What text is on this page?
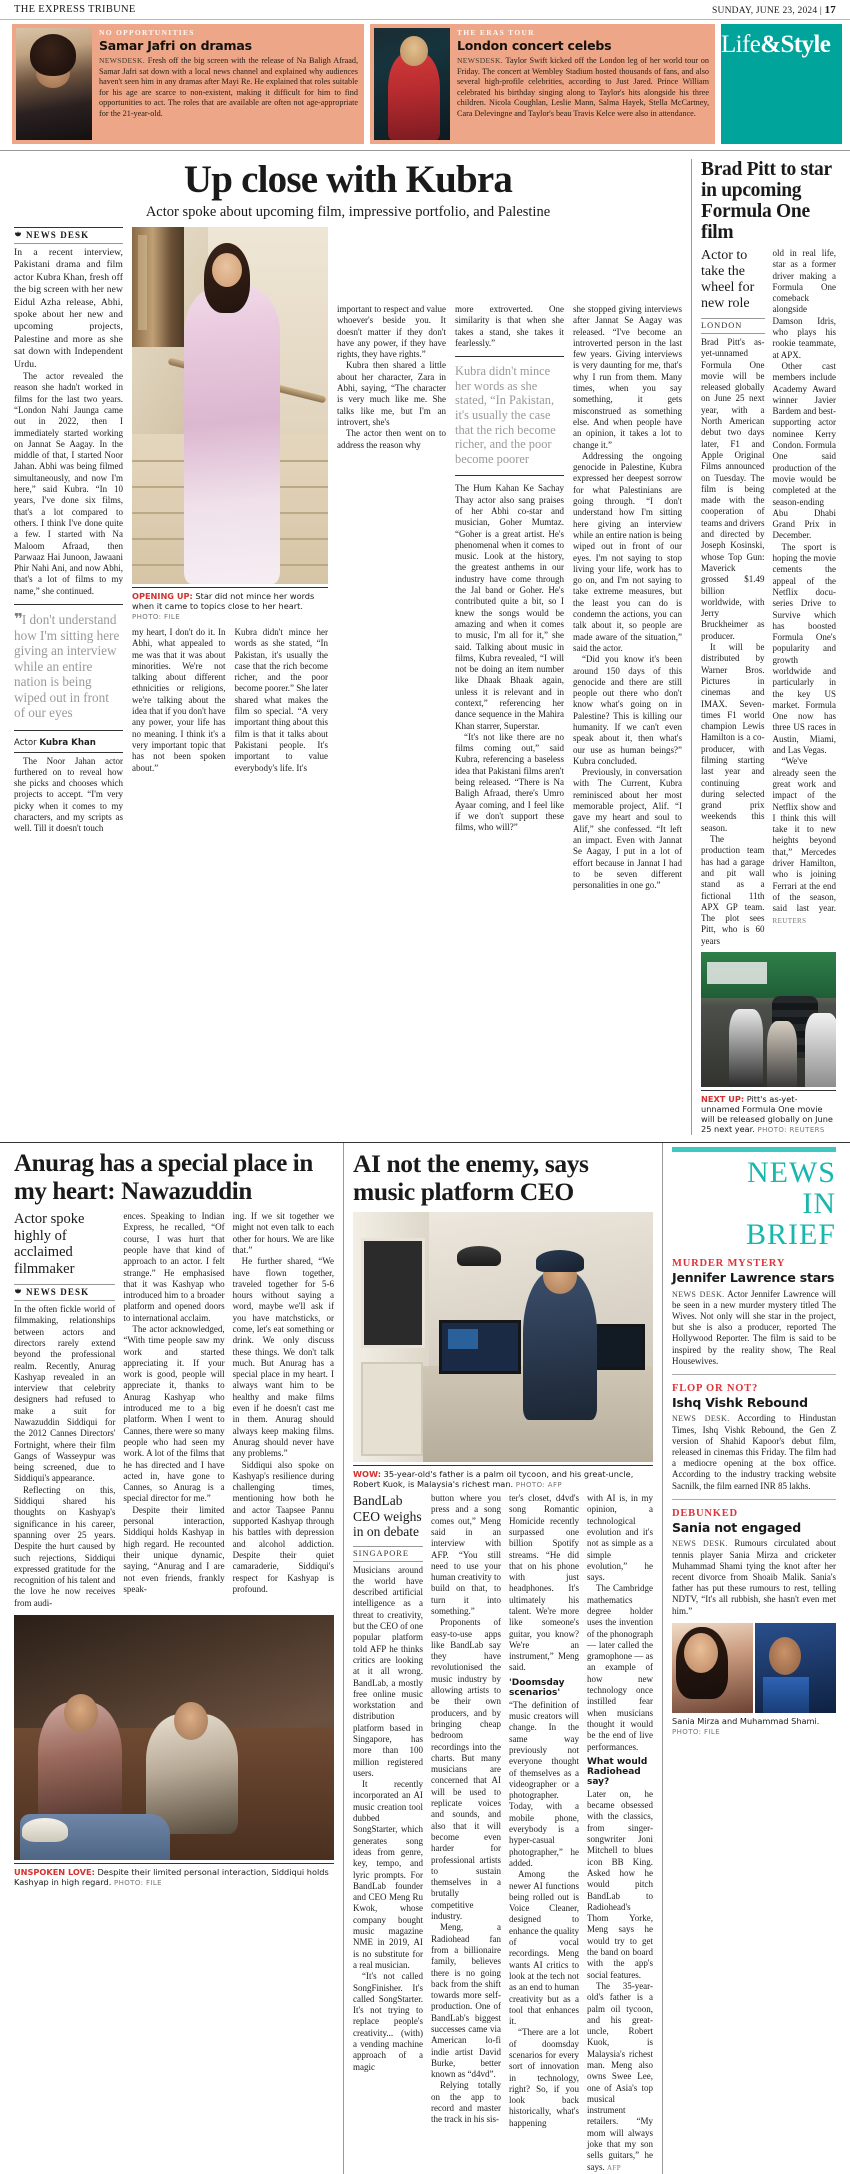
THE EXPRESS TRIBUNE	SUNDAY, JUNE 23, 2024 | 17
NO OPPORTUNITIES
Samar Jafri on dramas
NEWSDESK. Fresh off the big screen with the release of Na Baligh Afraad, Samar Jafri sat down with a local news channel and explained why audiences haven't seen him in any dramas after Mayi Re. He explained that roles suitable for his age are scarce to non-existent, making it difficult for him to find opportunities to act. The roles that are available are often not age-appropriate for the 21-year-old.
THE ERAS TOUR
London concert celebs
NEWSDESK. Taylor Swift kicked off the London leg of her world tour on Friday. The concert at Wembley Stadium hosted thousands of fans, and also several high-profile celebrities, according to Just Jared. Prince William celebrated his birthday singing along to Taylor's hits alongside his three children. Nicola Coughlan, Leslie Mann, Salma Hayek, Stella McCartney, Cara Delevingne and Taylor's beau Travis Kelce were also in attendance.
Life&Style
Up close with Kubra
Actor spoke about upcoming film, impressive portfolio, and Palestine
NEWS DESK

In a recent interview, Pakistani drama and film actor Kubra Khan, fresh off the big screen with her new Eidul Azha release, Abhi, spoke about her new and upcoming projects, Palestine and more as she sat down with Independent Urdu.

The actor revealed the reason she hadn't worked in films for the last two years. “London Nahi Jaunga came out in 2022, then I immediately started working on Jannat Se Aagay. In the middle of that, I started Noor Jahan. Abhi was being filmed simultaneously, and now I'm here,” said Kubra. “In 10 years, I've done six films, that's a lot compared to others. I think I've done quite a few. I started with Na Maloom Afraad, then Parwaaz Hai Junoon, Jawaani Phir Nahi Ani, and now Abhi, that's a lot of films to my name,” she continued.

❞I don't understand how I'm sitting here giving an interview while an entire nation is being wiped out in front of our eyes
Actor Kubra Khan

The Noor Jahan actor furthered on to reveal how she picks and chooses which projects to accept. “I'm very picky when it comes to my characters, and my scripts as well. Till it doesn't touch

OPENING UP: Star did not mince her words when it came to topics close to her heart. PHOTO: FILE

my heart, I don't do it. In Abhi, what appealed to me was that it was about minorities. We're not talking about different ethnicities or religions, we're talking about the idea that if you don't have any power, your life has no meaning. I think it's a very important topic that has not been spoken about.”

Kubra didn't mince her words as she stated, “In Pakistan, it's usually the case that the rich become richer, and the poor become poorer.” She later shared what makes the film so special. “A very important thing about this film is that it talks about Pakistani people. It's important to value everybody's life. It's

important to respect and value whoever's beside you. It doesn't matter if they don't have any power, if they have rights, they have rights.”

Kubra then shared a little about her character, Zara in Abhi, saying, “The character is very much like me. She talks like me, but I'm an introvert, she's

The actor then went on to address the reason why

more extroverted. One similarity is that when she takes a stand, she takes it fearlessly.”

Kubra didn't mince her words as she stated, “In Pakistan, it's usually the case that the rich become richer, and the poor become poorer

The Hum Kahan Ke Sachay Thay actor also sang praises of her Abhi co-star and musician, Goher Mumtaz. “Goher is a great artist. He's phenomenal when it comes to music. Look at the history, the greatest anthems in our industry have come through the Jal band or Goher. He's contributed quite a bit, so I knew the songs would be amazing and when it comes to music, I'm all for it,” she said. Talking about music in films, Kubra revealed, “I will not be doing an item number like Dhaak Bhaak again, unless it is relevant and in context,” referencing her dance sequence in the Mahira Khan starrer, Superstar.

“It's not like there are no films coming out,” said Kubra, referencing a baseless idea that Pakistani films aren't being released. “There is Na Baligh Afraad, there's Umro Ayaar coming, and I feel like if we don't support these films, who will?”

she stopped giving interviews after Jannat Se Aagay was released. “I've become an introverted person in the last few years. Giving interviews is very daunting for me, that's why I run from them. Many times, when you say something, it gets misconstrued as something else. And when people have an opinion, it takes a lot to change it.”

Addressing the ongoing genocide in Palestine, Kubra expressed her deepest sorrow for what Palestinians are going through. “I don't understand how I'm sitting here giving an interview while an entire nation is being wiped out in front of our eyes. I'm not saying to stop living your life, work has to go on, and I'm not saying to take extreme measures, but the least you can do is condemn the actions, you can talk about it, so people are made aware of the situation,” said the actor.

“Did you know it's been around 150 days of this genocide and there are still people out there who don't know what's going on in Palestine? This is killing our humanity. If we can't even speak about it, then what's our use as human beings?” Kubra concluded.

Previously, in conversation with The Current, Kubra reminisced about her most memorable project, Alif. “I gave my heart and soul to Alif,” she confessed. “It left an impact. Even with Jannat Se Aagay, I put in a lot of effort because in Jannat I had to be seven different personalities in one go.”

Brad Pitt to star in upcoming Formula One film
Actor to take the wheel for new role
LONDON

Brad Pitt's as-yet-unnamed Formula One movie will be released globally on June 25 next year, with a North American debut two days later, F1 and Apple Original Films announced on Tuesday. The film is being made with the cooperation of teams and drivers and directed by Joseph Kosinski, whose Top Gun: Maverick grossed $1.49 billion worldwide, with Jerry Bruckheimer as producer.

It will be distributed by Warner Bros. Pictures in cinemas and IMAX. Seven-times F1 world champion Lewis Hamilton is a co-producer, with filming starting last year and continuing during selected grand prix weekends this season.

The production team has had a garage and pit wall stand as a fictional 11th APX GP team. The plot sees Pitt, who is 60 years

old in real life, star as a former driver making a Formula One comeback alongside Damson Idris, who plays his rookie teammate, at APX.

Other cast members include Academy Award winner Javier Bardem and best-supporting actor nominee Kerry Condon. Formula One said production of the movie would be completed at the season-ending Abu Dhabi Grand Prix in December.

The sport is hoping the movie cements the appeal of the Netflix docu-series Drive to Survive which has boosted Formula One's popularity and growth worldwide and particularly in the key US market. Formula One now has three US races in Austin, Miami, and Las Vegas.

“We've already seen the great work and impact of the Netflix show and I think this will take it to new heights beyond that,” Mercedes driver Hamilton, who is joining Ferrari at the end of the season, said last year. REUTERS

NEXT UP: Pitt's as-yet-unnamed Formula One movie will be released globally on June 25 next year. PHOTO: REUTERS
Anurag has a special place in my heart: Nawazuddin
Actor spoke highly of acclaimed filmmaker
NEWS DESK

In the often fickle world of filmmaking, relationships between actors and directors rarely extend beyond the professional realm. Recently, Anurag Kashyap revealed in an interview that celebrity designers had refused to make a suit for Nawazuddin Siddiqui for the 2012 Cannes Directors' Fortnight, where their film Gangs of Wasseypur was being screened, due to Siddiqui's appearance.

Reflecting on this, Siddiqui shared his thoughts on Kashyap's significance in his career, spanning over 25 years. Despite the hurt caused by such rejections, Siddiqui expressed gratitude for the recognition of his talent and the love he now receives from audi-

ences. Speaking to Indian Express, he recalled, “Of course, I was hurt that people have that kind of approach to an actor. I felt strange.” He emphasised that it was Kashyap who introduced him to a broader platform and opened doors to international acclaim.

The actor acknowledged, “With time people saw my work and started appreciating it. If your work is good, people will appreciate it, thanks to Anurag Kashyap who introduced me to a big platform. When I went to Cannes, there were so many people who had seen my work. A lot of the films that he has directed and I have acted in, have gone to Cannes, so Anurag is a special director for me.”

Despite their limited personal interaction, Siddiqui holds Kashyap in high regard. He recounted their unique dynamic, saying, “Anurag and I are not even friends, frankly speak-

ing. If we sit together we might not even talk to each other for hours. We are like that.”

He further shared, “We have flown together, traveled together for 5-6 hours without saying a word, maybe we'll ask if you have matchsticks, or come, let's eat something or drink. We only discuss these things. We don't talk much. But Anurag has a special place in my heart. I always want him to be healthy and make films even if he doesn't cast me in them. Anurag should always keep making films. Anurag should never have any problems.”

Siddiqui also spoke on Kashyap's resilience during challenging times, mentioning how both he and actor Taapsee Pannu supported Kashyap through his battles with depression and alcohol addiction. Despite their quiet camaraderie, Siddiqui's respect for Kashyap is profound.

UNSPOKEN LOVE: Despite their limited personal interaction, Siddiqui holds Kashyap in high regard. PHOTO: FILE
AI not the enemy, says music platform CEO
WOW: 35-year-old's father is a palm oil tycoon, and his great-uncle, Robert Kuok, is Malaysia's richest man. PHOTO: AFP
BandLab CEO weighs in on debate
SINGAPORE

Musicians around the world have described artificial intelligence as a threat to creativity, but the CEO of one popular platform told AFP he thinks critics are looking at it all wrong. BandLab, a mostly free online music workstation and distribution platform based in Singapore, has more than 100 million registered users.

It recently incorporated an AI music creation tool dubbed SongStarter, which generates song ideas from genre, key, tempo, and lyric prompts. For BandLab founder and CEO Meng Ru Kwok, whose company bought music magazine NME in 2019, AI is no substitute for a real musician.

“It's not called SongFinisher. It's called SongStarter. It's not trying to replace people's creativity... (with) a vending machine approach of a magic

button where you press and a song comes out,” Meng said in an interview with AFP. “You still need to use your human creativity to build on that, to turn it into something.”

Proponents of easy-to-use apps like BandLab say they have revolutionised the music industry by allowing artists to be their own producers, and by bringing cheap bedroom recordings into the charts. But many musicians are concerned that AI will be used to replicate voices and sounds, and also that it will become even harder for professional artists to sustain themselves in a brutally competitive industry.

Meng, a Radiohead fan from a billionaire family, believes there is no going back from the shift towards more self-production. One of BandLab's biggest successes came via American lo-fi indie artist David Burke, better known as “d4vd”.

Relying totally on the app to record and master the track in his sis-

ter's closet, d4vd's song Romantic Homicide recently surpassed one billion Spotify streams. “He did that on his phone with just headphones. It's ultimately his talent. We're more like someone's guitar, you know? We're an instrument,” Meng said.

'Doomsday scenarios'

“The definition of music creators will change. In the same way previously not everyone thought of themselves as a videographer or a photographer. Today, with a mobile phone, everybody is a hyper-casual photographer,” he added.

Among the newer AI functions being rolled out is Voice Cleaner, designed to enhance the quality of vocal recordings. Meng wants AI critics to look at the tech not as an end to human creativity but as a tool that enhances it.

“There are a lot of doomsday scenarios for every sort of innovation in technology, right? So, if you look back historically, what's happening

with AI is, in my opinion, a technological evolution and it's not as simple as a simple evolution,” he says.

The Cambridge mathematics degree holder uses the invention of the phonograph — later called the gramophone — as an example of how new technology once instilled fear when musicians thought it would be the end of live performances.

What would Radiohead say?

Later on, he became obsessed with the classics, from singer-songwriter Joni Mitchell to blues icon BB King. Asked how he would pitch BandLab to Radiohead's Thom Yorke, Meng says he would try to get the band on board with the app's social features.

The 35-year-old's father is a palm oil tycoon, and his great-uncle, Robert Kuok, is Malaysia's richest man. Meng also owns Swee Lee, one of Asia's top musical instrument retailers. “My mom will always joke that my son sells guitars,” he says. AFP

NEWS
IN
BRIEF
MURDER MYSTERY
Jennifer Lawrence stars
NEWS DESK. Actor Jennifer Lawrence will be seen in a new murder mystery titled The Wives. Not only will she star in the project, but she is also a producer, reported The Hollywood Reporter. The film is said to be inspired by the reality show, The Real Housewives.
FLOP OR NOT?
Ishq Vishk Rebound
NEWS DESK. According to Hindustan Times, Ishq Vishk Rebound, the Gen Z version of Shahid Kapoor's debut film, released in cinemas this Friday. The film had a mediocre opening at the box office. According to the industry tracking website Sacnilk, the film earned INR 85 lakhs.
DEBUNKED
Sania not engaged
NEWS DESK. Rumours circulated about tennis player Sania Mirza and cricketer Muhammad Shami tying the knot after her recent divorce from Shoaib Malik. Sania's father has put these rumours to rest, telling NDTV, “It's all rubbish, she hasn't even met him.”
Sania Mirza and Muhammad Shami. PHOTO: FILE
